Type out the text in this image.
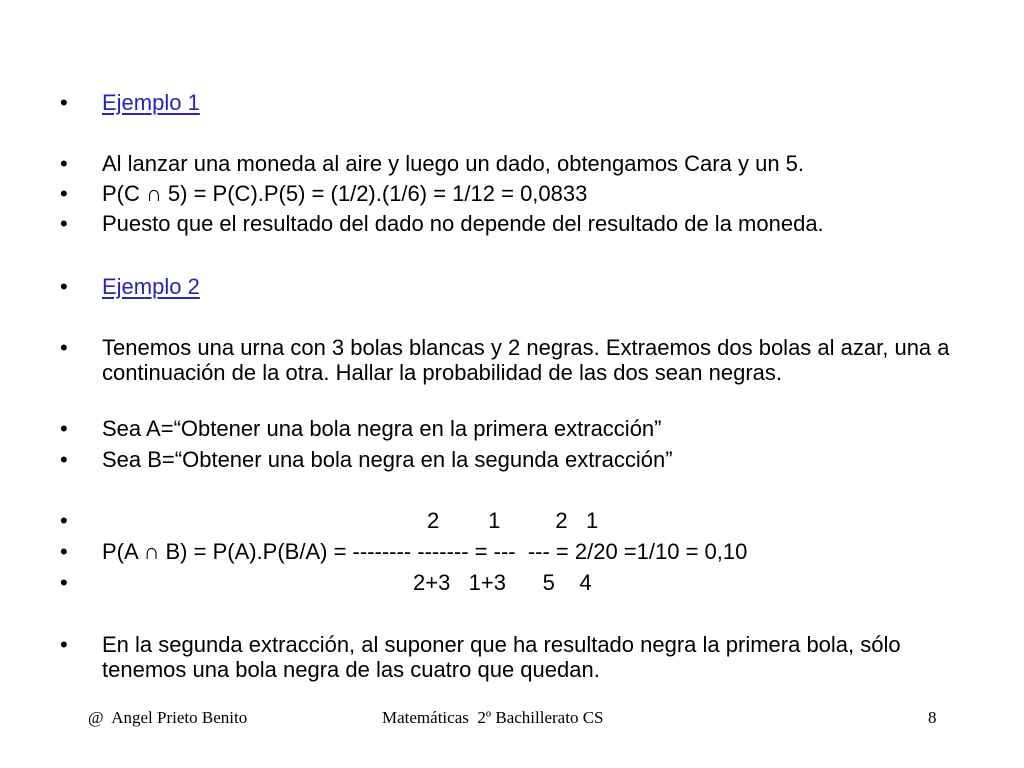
•

	Ejemplo 1

•

	Al lanzar una moneda al aire y luego un dado, obtengamos Cara y un 5.

•

	P(C ∩ 5) = P(C).P(5) = (1/2).(1/6) = 1/12 = 0,0833

•

	Puesto que el resultado del dado no depende del resultado de la moneda.

•

	Ejemplo 2

•

	Tenemos una urna con 3 bolas blancas y 2 negras. Extraemos dos bolas al azar, una a continuación de la otra. Hallar la probabilidad de las dos sean negras.

•

	Sea A=“Obtener una bola negra en la primera extracción”

•

	Sea B=“Obtener una bola negra en la segunda extracción”

•

	2        1         2   1

•

	P(A ∩ B) = P(A).P(B/A) = -------- ------- = ---  --- = 2/20 =1/10 = 0,10

•

	2+3   1+3      5    4

•

	En la segunda extracción, al suponer que ha resultado negra la primera bola, sólo tenemos una bola negra de las cuatro que quedan.

@  Angel Prieto Benito	Matemáticas  2º Bachillerato CS	8
